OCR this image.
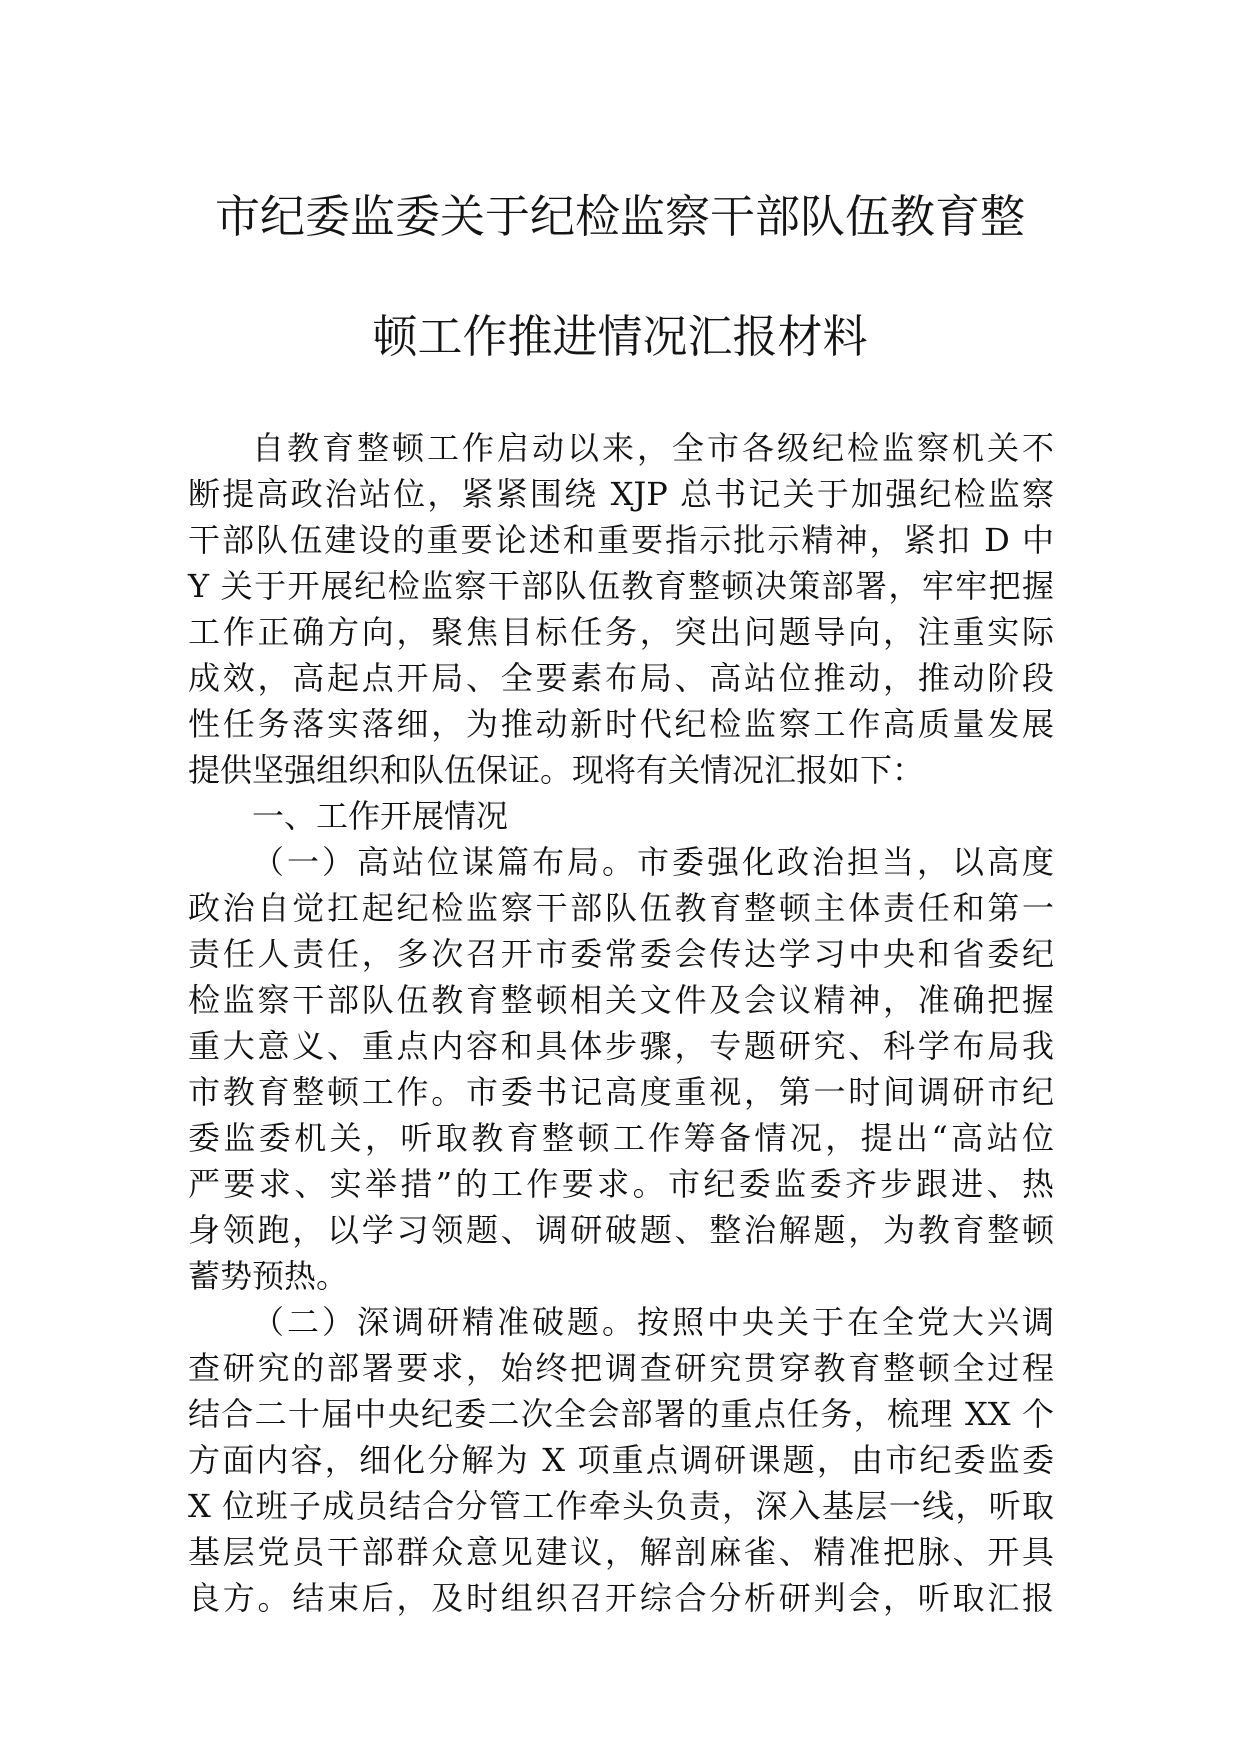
市纪委监委关于纪检监察干部队伍教育整
顿工作推进情况汇报材料
自教育整顿工作启动以来，全市各级纪检监察机关不
断提高政治站位，紧紧围绕 XJP 总书记关于加强纪检监察
干部队伍建设的重要论述和重要指示批示精神，紧扣 D 中
Y 关于开展纪检监察干部队伍教育整顿决策部署，牢牢把握
工作正确方向，聚焦目标任务，突出问题导向，注重实际
成效，高起点开局、全要素布局、高站位推动，推动阶段
性任务落实落细，为推动新时代纪检监察工作高质量发展
提供坚强组织和队伍保证。现将有关情况汇报如下：
一、工作开展情况
（一）高站位谋篇布局。市委强化政治担当，以高度
政治自觉扛起纪检监察干部队伍教育整顿主体责任和第一
责任人责任，多次召开市委常委会传达学习中央和省委纪
检监察干部队伍教育整顿相关文件及会议精神，准确把握
重大意义、重点内容和具体步骤，专题研究、科学布局我
市教育整顿工作。市委书记高度重视，第一时间调研市纪
委监委机关，听取教育整顿工作筹备情况，提出“高站位
严要求、实举措”的工作要求。市纪委监委齐步跟进、热
身领跑，以学习领题、调研破题、整治解题，为教育整顿
蓄势预热。
（二）深调研精准破题。按照中央关于在全党大兴调
查研究的部署要求，始终把调查研究贯穿教育整顿全过程
结合二十届中央纪委二次全会部署的重点任务，梳理 XX 个
方面内容，细化分解为 X 项重点调研课题，由市纪委监委
X 位班子成员结合分管工作牵头负责，深入基层一线，听取
基层党员干部群众意见建议，解剖麻雀、精准把脉、开具
良方。结束后，及时组织召开综合分析研判会，听取汇报
